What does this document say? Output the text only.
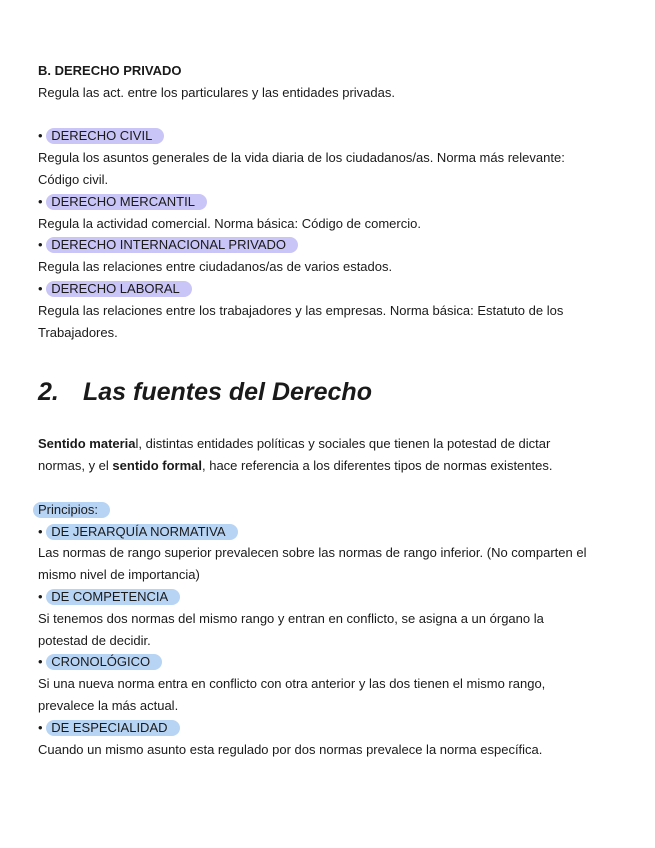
B. DERECHO PRIVADO
Regula las act. entre los particulares y las entidades privadas.
• DERECHO CIVIL
Regula los asuntos generales de la vida diaria de los ciudadanos/as. Norma más relevante:
Código civil.
• DERECHO MERCANTIL
Regula la actividad comercial. Norma básica: Código de comercio.
• DERECHO INTERNACIONAL PRIVADO
Regula las relaciones entre ciudadanos/as de varios estados.
• DERECHO LABORAL
Regula las relaciones entre los trabajadores y las empresas. Norma básica: Estatuto de los
Trabajadores.
2. Las fuentes del Derecho
Sentido material, distintas entidades políticas y sociales que tienen la potestad de dictar
normas, y el sentido formal, hace referencia a los diferentes tipos de normas existentes.
Principios:
• DE JERARQUÍA NORMATIVA
Las normas de rango superior prevalecen sobre las normas de rango inferior. (No comparten el
mismo nivel de importancia)
• DE COMPETENCIA
Si tenemos dos normas del mismo rango y entran en conflicto, se asigna a un órgano la
potestad de decidir.
• CRONOLÓGICO
Si una nueva norma entra en conflicto con otra anterior y las dos tienen el mismo rango,
prevalece la más actual.
• DE ESPECIALIDAD
Cuando un mismo asunto esta regulado por dos normas prevalece la norma específica.
